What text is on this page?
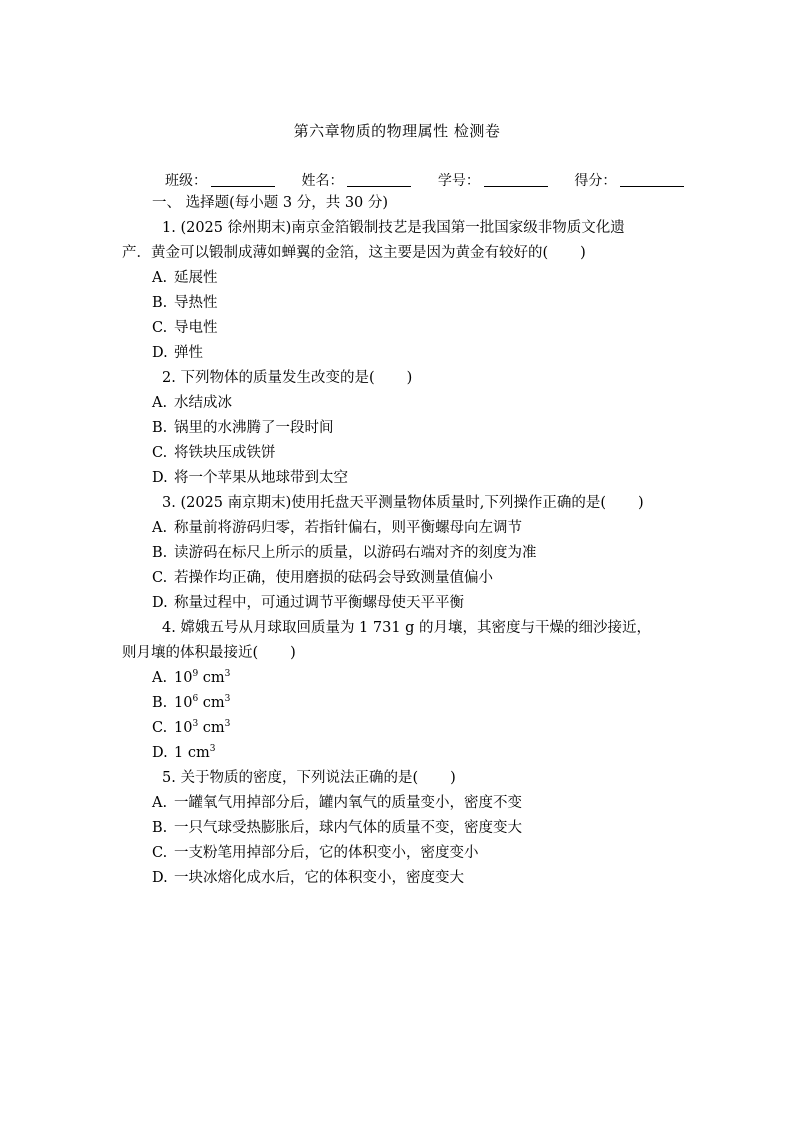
第六章物质的物理属性 检测卷
班级：	姓名：	学号：	得分：
一、 选择题(每小题 3 分，共 30 分)
1. (2025 徐州期末)南京金箔锻制技艺是我国第一批国家级非物质文化遗
产．黄金可以锻制成薄如蝉翼的金箔，这主要是因为黄金有较好的( )
A. 延展性
B. 导热性
C. 导电性
D. 弹性
2. 下列物体的质量发生改变的是( )
A. 水结成冰
B. 锅里的水沸腾了一段时间
C. 将铁块压成铁饼
D. 将一个苹果从地球带到太空
3. (2025 南京期末)使用托盘天平测量物体质量时,下列操作正确的是( )
A. 称量前将游码归零，若指针偏右，则平衡螺母向左调节
B. 读游码在标尺上所示的质量，以游码右端对齐的刻度为准
C. 若操作均正确，使用磨损的砝码会导致测量值偏小
D. 称量过程中，可通过调节平衡螺母使天平平衡
4. 嫦娥五号从月球取回质量为 1 731 g 的月壤，其密度与干燥的细沙接近，
则月壤的体积最接近( )
A. $10^9$ $cm^3$
B. $10^6$ $cm^3$
C. $10^3$ $cm^3$
D. 1 $cm^3$
5. 关于物质的密度，下列说法正确的是( )
A. 一罐氧气用掉部分后，罐内氧气的质量变小，密度不变
B. 一只气球受热膨胀后，球内气体的质量不变，密度变大
C. 一支粉笔用掉部分后，它的体积变小，密度变小
D. 一块冰熔化成水后，它的体积变小，密度变大
